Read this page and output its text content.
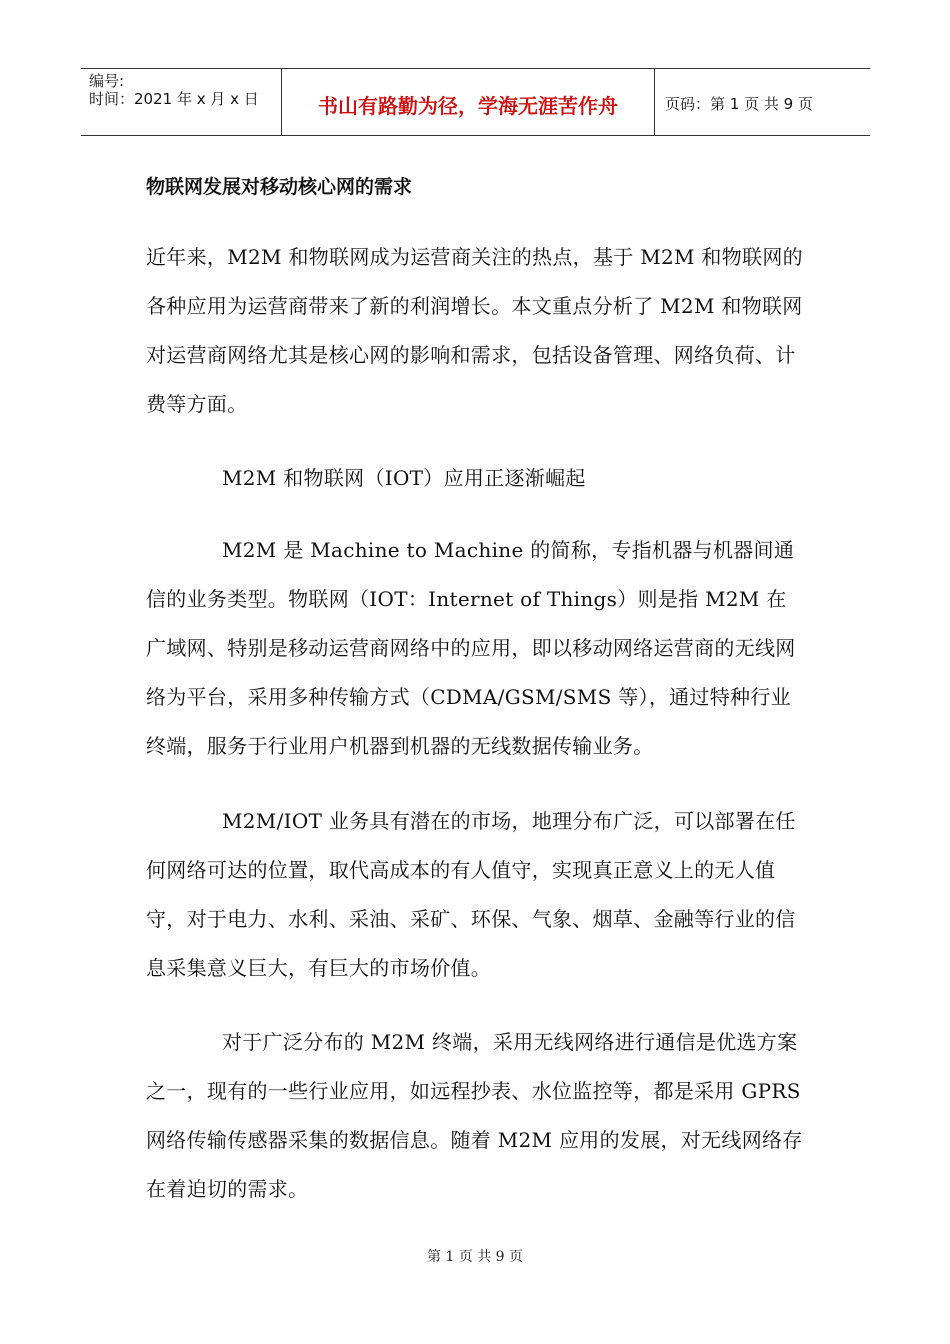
编号:
时间：2021 年 x 月 x 日	书山有路勤为径，学海无涯苦作舟	页码：第 1 页 共 9 页
物联网发展对移动核心网的需求

近年来，M2M 和物联网成为运营商关注的热点，基于 M2M 和物联网的各种应用为运营商带来了新的利润增长。本文重点分析了 M2M 和物联网对运营商网络尤其是核心网的影响和需求，包括设备管理、网络负荷、计费等方面。

M2M 和物联网（IOT）应用正逐渐崛起

M2M 是 Machine to Machine 的简称，专指机器与机器间通信的业务类型。物联网（IOT：Internet of Things）则是指 M2M 在广域网、特别是移动运营商网络中的应用，即以移动网络运营商的无线网络为平台，采用多种传输方式（CDMA/GSM/SMS 等），通过特种行业终端，服务于行业用户机器到机器的无线数据传输业务。

M2M/IOT 业务具有潜在的市场，地理分布广泛，可以部署在任何网络可达的位置，取代高成本的有人值守，实现真正意义上的无人值守，对于电力、水利、采油、采矿、环保、气象、烟草、金融等行业的信息采集意义巨大，有巨大的市场价值。

对于广泛分布的 M2M 终端，采用无线网络进行通信是优选方案之一，现有的一些行业应用，如远程抄表、水位监控等，都是采用 GPRS 网络传输传感器采集的数据信息。随着 M2M 应用的发展，对无线网络存在着迫切的需求。

第 1 页 共 9 页
